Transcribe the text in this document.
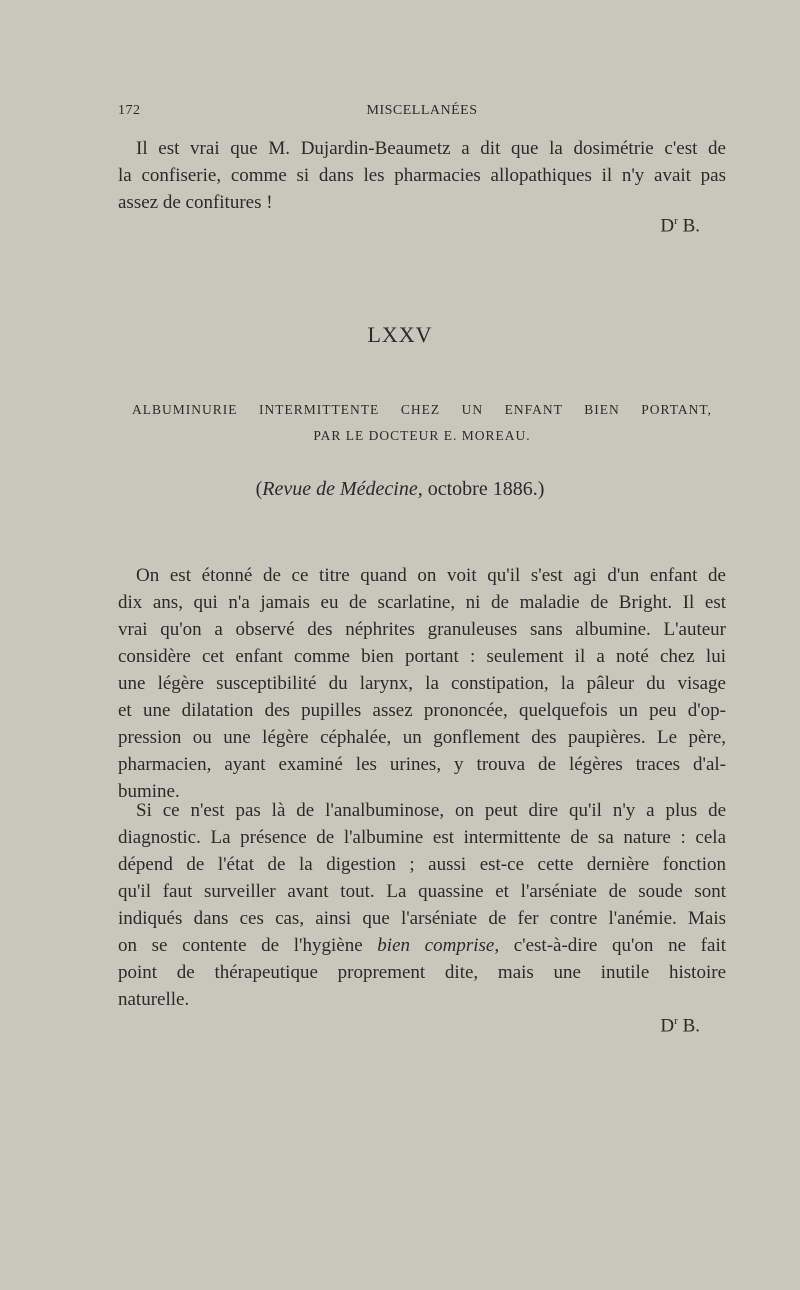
172	MISCELLANÉES
Il est vrai que M. Dujardin-Beaumetz a dit que la dosimétrie c'est de
la confiserie, comme si dans les pharmacies allopathiques il n'y avait pas
assez de confitures !
$D^r$ B.
LXXV
ALBUMINURIE INTERMITTENTE CHEZ UN ENFANT BIEN PORTANT,
PAR LE DOCTEUR E. MOREAU.
(Revue de Médecine, octobre 1886.)
On est étonné de ce titre quand on voit qu'il s'est agi d'un enfant de
dix ans, qui n'a jamais eu de scarlatine, ni de maladie de Bright. Il est
vrai qu'on a observé des néphrites granuleuses sans albumine. L'auteur
considère cet enfant comme bien portant : seulement il a noté chez lui
une légère susceptibilité du larynx, la constipation, la pâleur du visage
et une dilatation des pupilles assez prononcée, quelquefois un peu d'op-
pression ou une légère céphalée, un gonflement des paupières. Le père,
pharmacien, ayant examiné les urines, y trouva de légères traces d'al-
bumine.
Si ce n'est pas là de l'analbuminose, on peut dire qu'il n'y a plus de
diagnostic. La présence de l'albumine est intermittente de sa nature : cela
dépend de l'état de la digestion ; aussi est-ce cette dernière fonction
qu'il faut surveiller avant tout. La quassine et l'arséniate de soude sont
indiqués dans ces cas, ainsi que l'arséniate de fer contre l'anémie. Mais
on se contente de l'hygiène bien comprise, c'est-à-dire qu'on ne fait
point de thérapeutique proprement dite, mais une inutile histoire
naturelle.
$D^r$ B.
